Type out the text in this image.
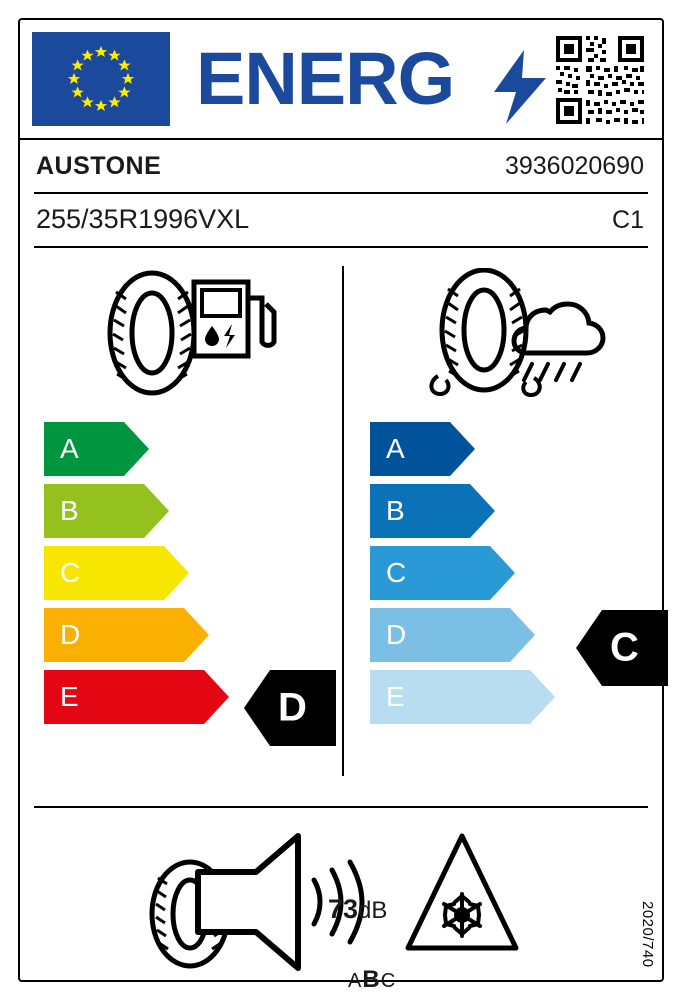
ENERG
AUSTONE	3936020690
255/35R1996VXL	C1
A
B
C
D
E
A
B
C
D
E
D
C
73dB
ABC
2020/740
